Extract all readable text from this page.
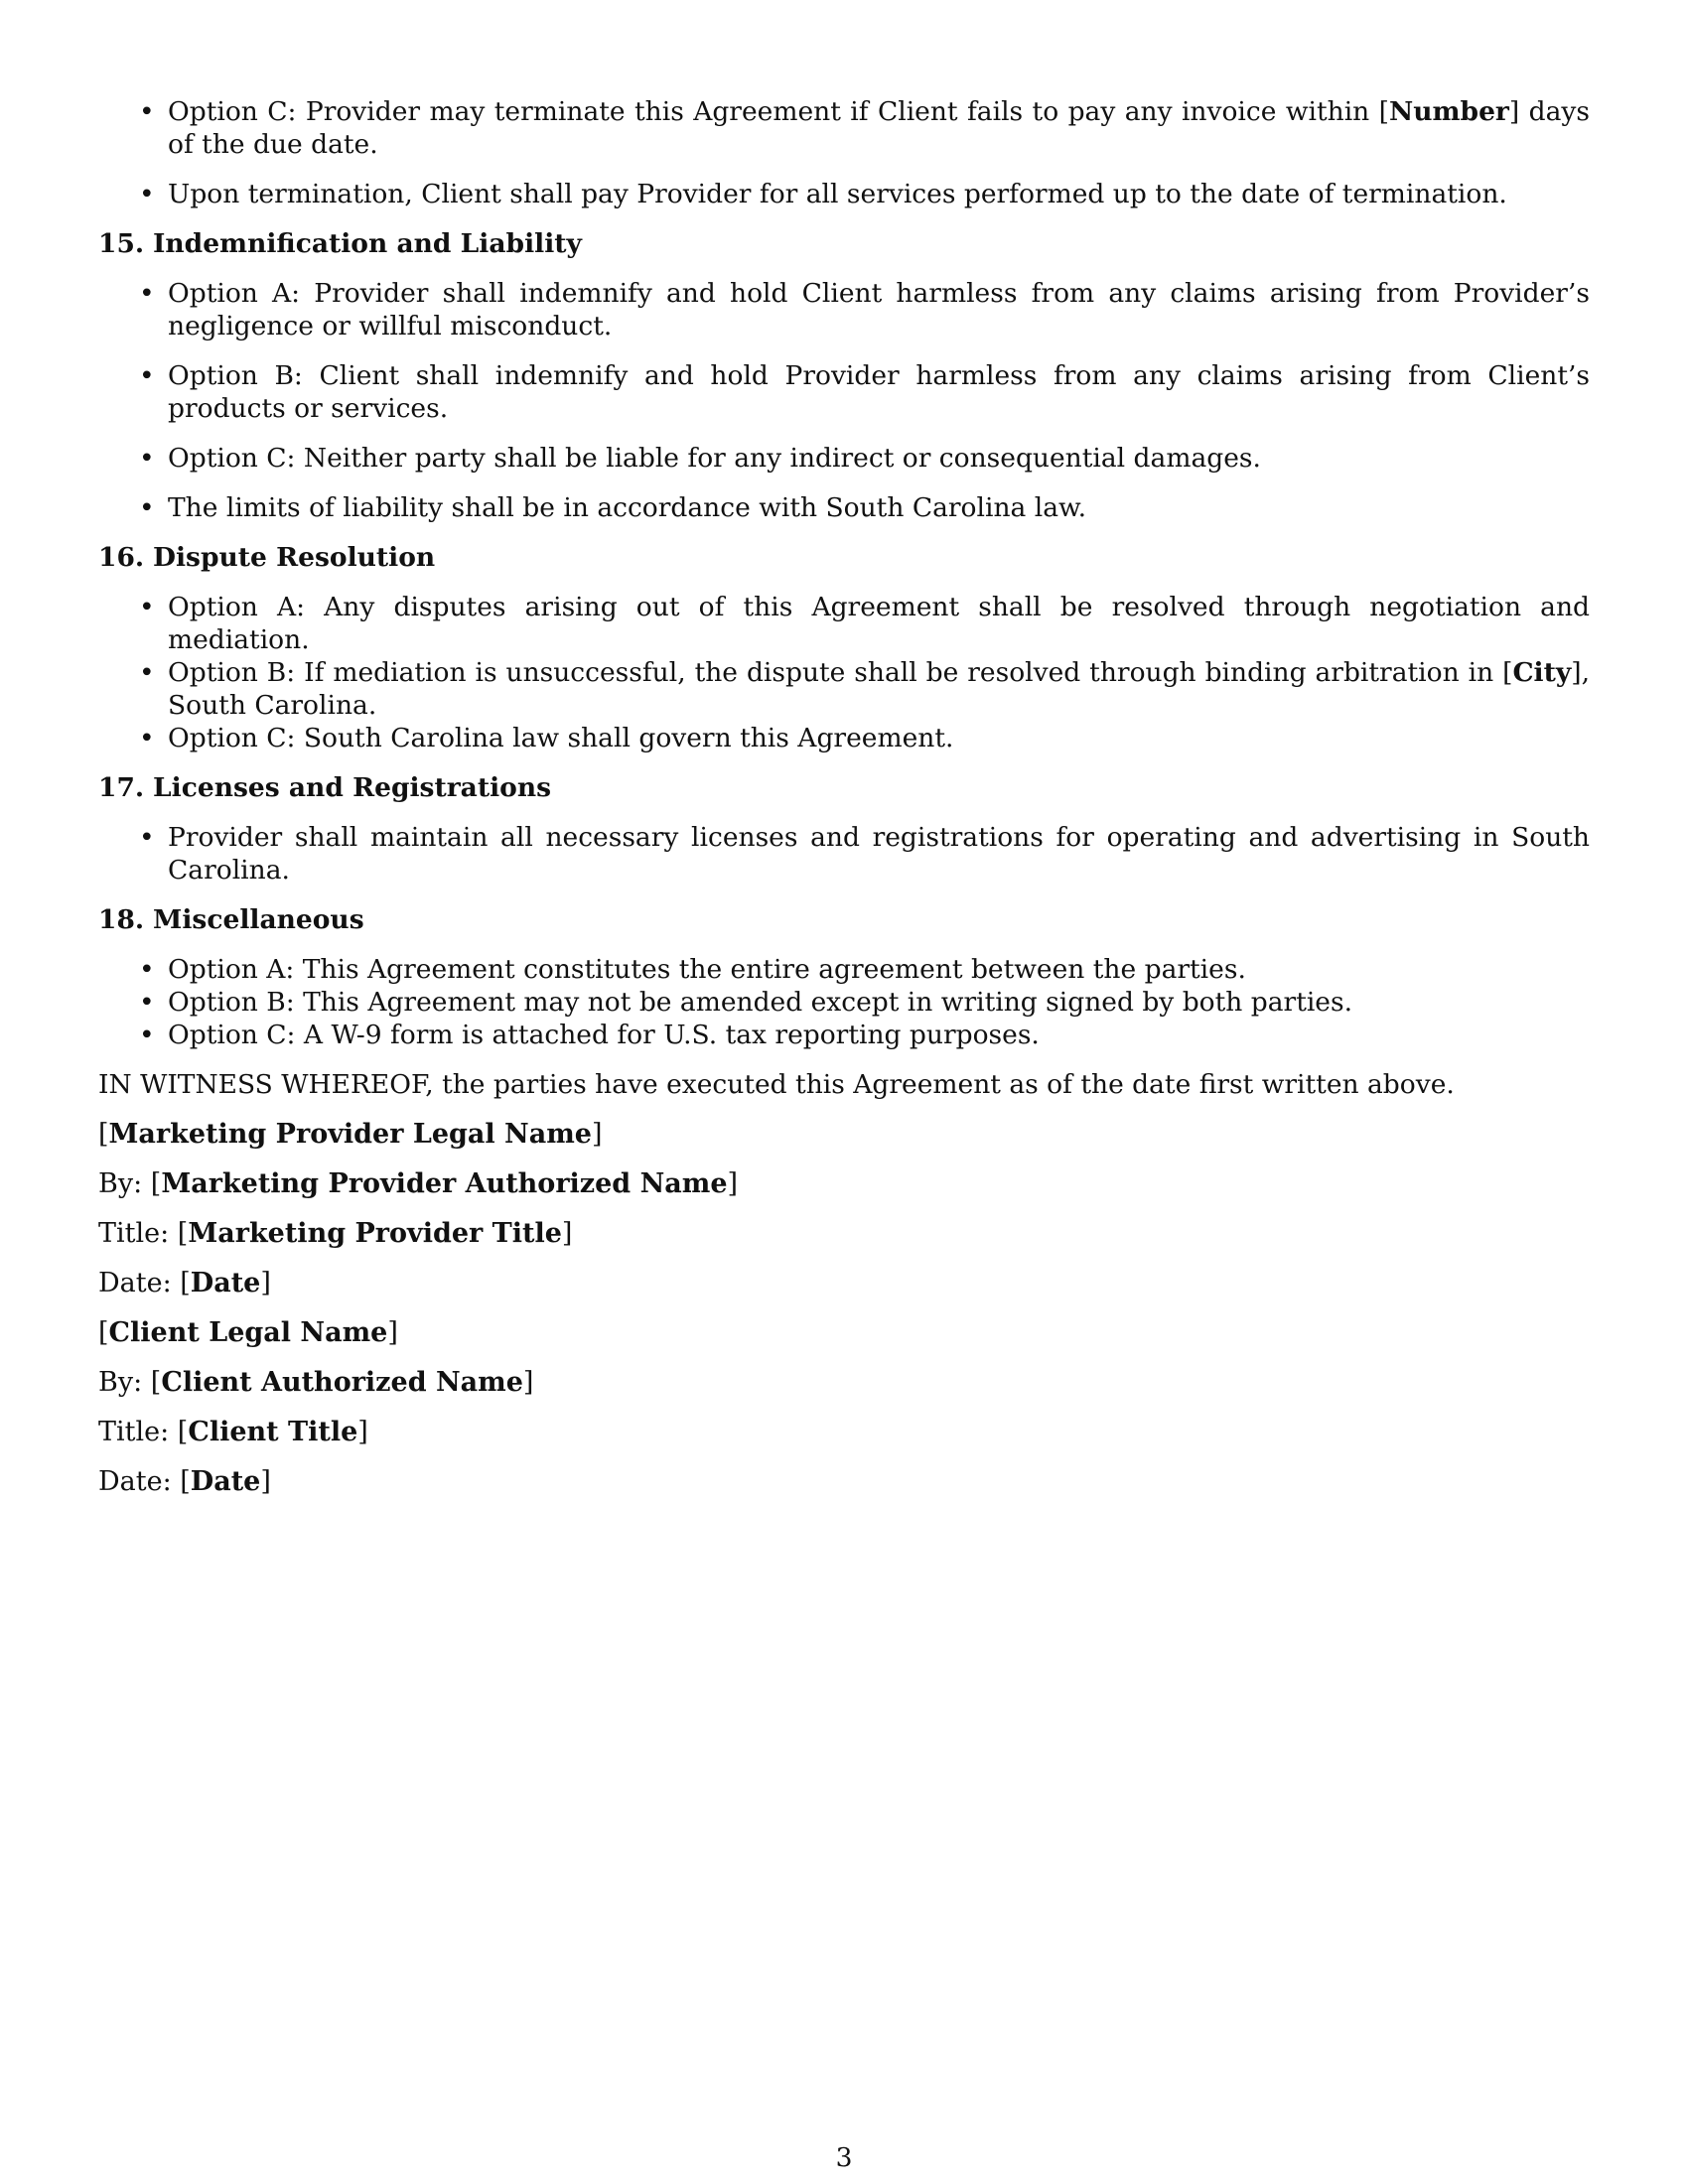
• Option C: Provider may terminate this Agreement if Client fails to pay any invoice within [Number] days of the due date.
• Upon termination, Client shall pay Provider for all services performed up to the date of termination.
15. Indemnification and Liability
• Option A: Provider shall indemnify and hold Client harmless from any claims arising from Provider’s negligence or willful misconduct.
• Option B: Client shall indemnify and hold Provider harmless from any claims arising from Client’s products or services.
• Option C: Neither party shall be liable for any indirect or consequential damages.
• The limits of liability shall be in accordance with South Carolina law.
16. Dispute Resolution
• Option A: Any disputes arising out of this Agreement shall be resolved through negotiation and mediation.
• Option B: If mediation is unsuccessful, the dispute shall be resolved through binding arbitration in [City], South Carolina.
• Option C: South Carolina law shall govern this Agreement.
17. Licenses and Registrations
• Provider shall maintain all necessary licenses and registrations for operating and advertising in South Carolina.
18. Miscellaneous
• Option A: This Agreement constitutes the entire agreement between the parties.
• Option B: This Agreement may not be amended except in writing signed by both parties.
• Option C: A W-9 form is attached for U.S. tax reporting purposes.

IN WITNESS WHEREOF, the parties have executed this Agreement as of the date first written above.

[Marketing Provider Legal Name]

By: [Marketing Provider Authorized Name]

Title: [Marketing Provider Title]

Date: [Date]

[Client Legal Name]

By: [Client Authorized Name]

Title: [Client Title]

Date: [Date]

3
